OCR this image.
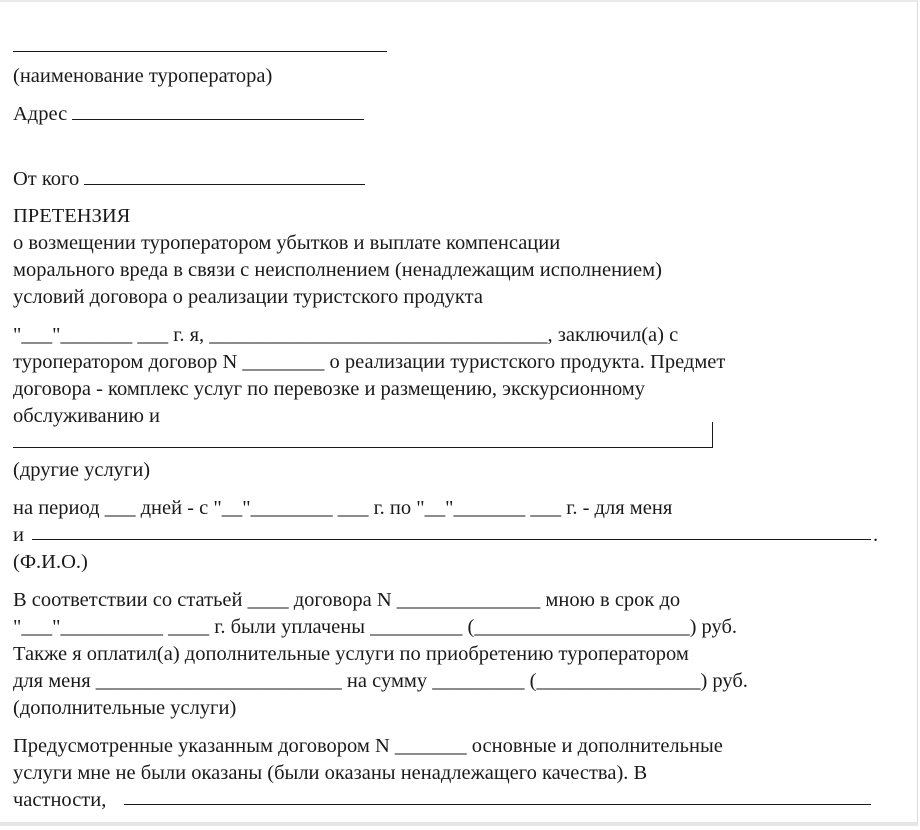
(наименование туроператора)
Адрес
От кого
ПРЕТЕНЗИЯ
о возмещении туроператором убытков и выплате компенсации
морального вреда в связи с неисполнением (ненадлежащим исполнением)
условий договора о реализации туристского продукта
"___"_______ ___ г. я, _________________________________, заключил(а) с
туроператором договор N ________ о реализации туристского продукта. Предмет
договора - комплекс услуг по перевозке и размещению, экскурсионному
обслуживанию и
(другие услуги)
на период ___ дней - с "__"________ ___ г. по "__"_______ ___ г. - для меня
и	.
(Ф.И.О.)
В соответствии со статьей ____ договора N ______________ мною в срок до
"___"__________ ____ г. были уплачены _________ (_____________________) руб.
Также я оплатил(а) дополнительные услуги по приобретению туроператором
для меня ________________________ на сумму _________ (________________) руб.
(дополнительные услуги)
Предусмотренные указанным договором N _______ основные и дополнительные
услуги мне не были оказаны (были оказаны ненадлежащего качества). В
частности,
